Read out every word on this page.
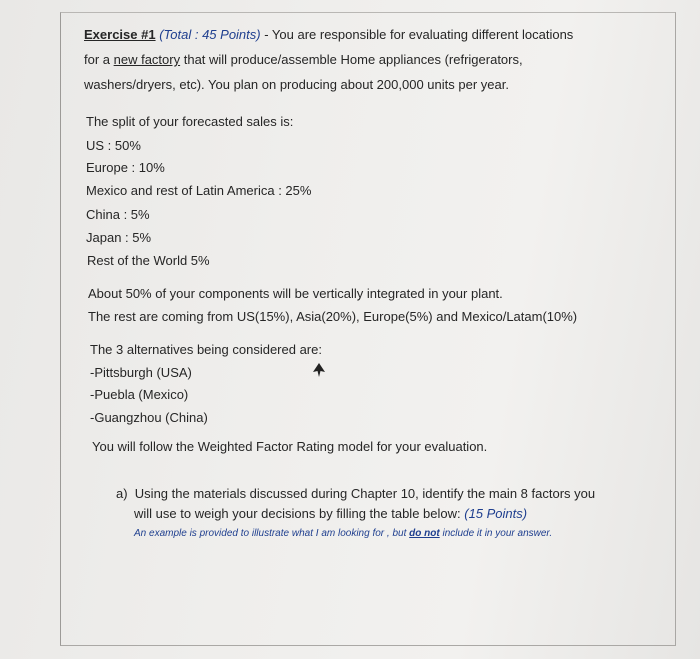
Exercise #1 (Total : 45 Points) - You are responsible for evaluating different locations
for a new factory that will produce/assemble Home appliances (refrigerators,
washers/dryers, etc). You plan on producing about 200,000 units per year.
The split of your forecasted sales is:
US : 50%
Europe : 10%
Mexico and rest of Latin America : 25%
China : 5%
Japan : 5%
Rest of the World 5%
About 50% of your components will be vertically integrated in your plant.
The rest are coming from US(15%), Asia(20%), Europe(5%) and Mexico/Latam(10%)
The 3 alternatives being considered are:
-Pittsburgh (USA)
-Puebla (Mexico)
-Guangzhou (China)
You will follow the Weighted Factor Rating model for your evaluation.
a) Using the materials discussed during Chapter 10, identify the main 8 factors you
will use to weigh your decisions by filling the table below: (15 Points)
An example is provided to illustrate what I am looking for , but do not include it in your answer.
